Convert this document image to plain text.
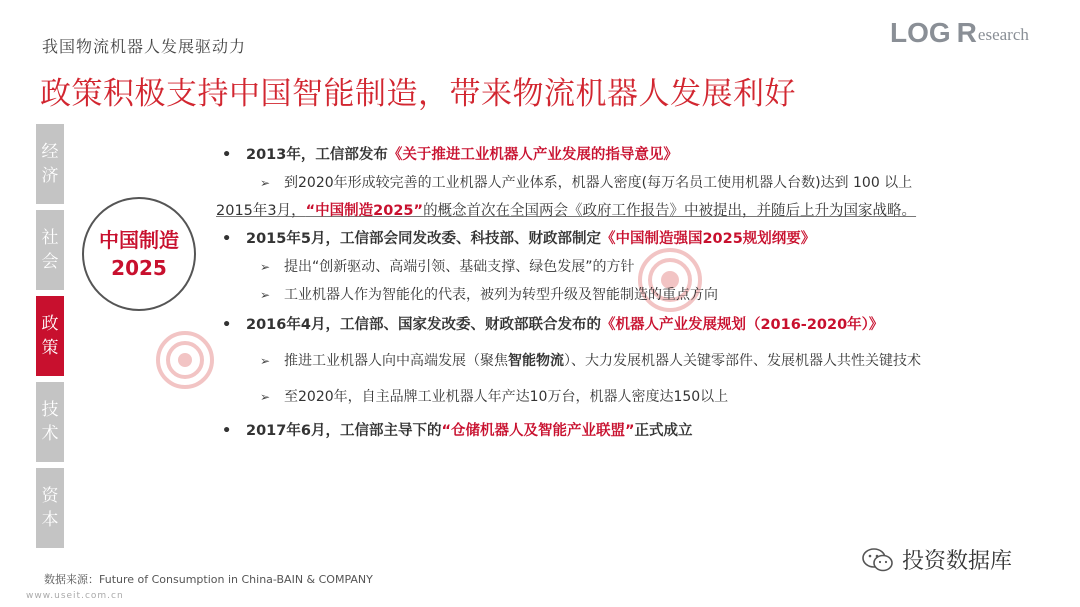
我国物流机器人发展驱动力	LOG R esearch
政策积极支持中国智能制造，带来物流机器人发展利好
经
济
社
会
政
策
技
术
资
本
中国制造
2025
•	2013年，工信部发布《关于推进工业机器人产业发展的指导意见》
➢ 到2020年形成较完善的工业机器人产业体系，机器人密度(每万名员工使用机器人台数)达到 100 以上
2015年3月，“中国制造2025”的概念首次在全国两会《政府工作报告》中被提出，并随后上升为国家战略。
•	2015年5月，工信部会同发改委、科技部、财政部制定《中国制造强国2025规划纲要》
➢ 提出“创新驱动、高端引领、基础支撑、绿色发展”的方针
➢ 工业机器人作为智能化的代表，被列为转型升级及智能制造的重点方向
•	2016年4月，工信部、国家发改委、财政部联合发布的《机器人产业发展规划（2016-2020年）》
➢ 推进工业机器人向中高端发展（聚焦智能物流）、大力发展机器人关键零部件、发展机器人共性关键技术
➢ 至2020年，自主品牌工业机器人年产达10万台，机器人密度达150以上
•	2017年6月，工信部主导下的“仓储机器人及智能产业联盟”正式成立
数据来源：Future of Consumption in China-BAIN & COMPANY
www.useit.com.cn
投资数据库
